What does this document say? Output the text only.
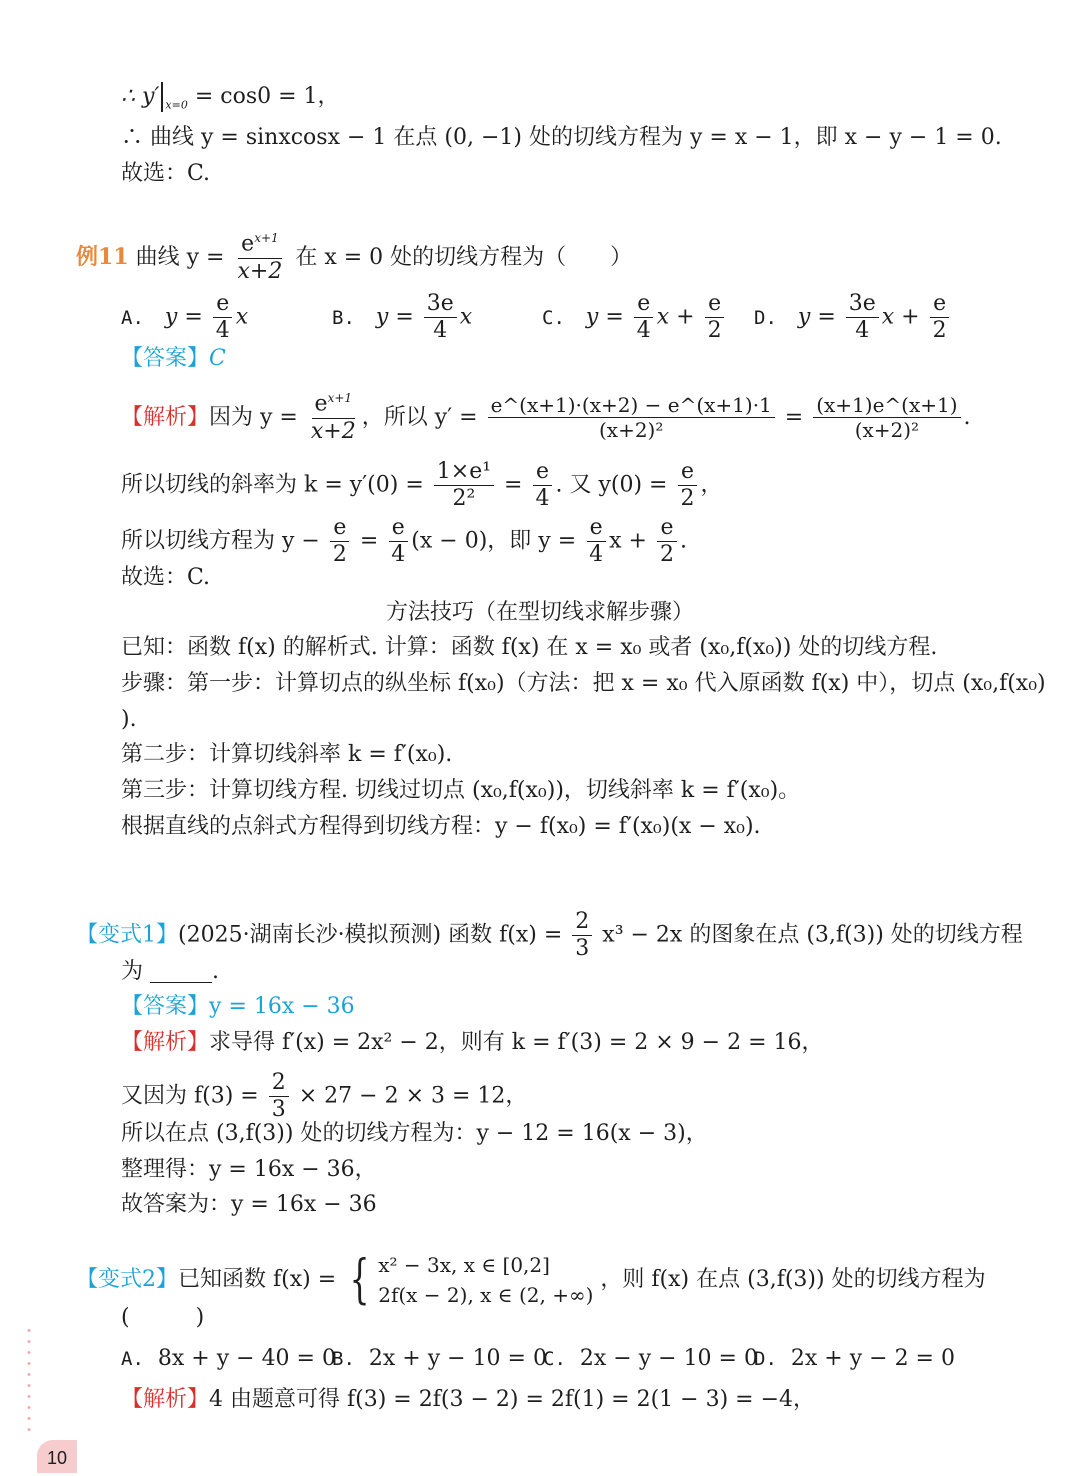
∴ y′ $_{x=0}$ = cos0 = 1，
∴ 曲线 y = sinxcosx − 1 在点 (0, −1) 处的切线方程为 y = x − 1，即 x − y − 1 = 0.
故选：C.
例11 曲线 $y = \frac{e^{x+1}}{x+2}$ 在 x = 0 处的切线方程为（　　）
A. $y = \frac{e}{4}$ x	B. $y = \frac{3e}{4}$ x	C. $y = \frac{e}{4}$ $x + \frac{e}{2} D$. $y = \frac{3e}{4}$ $x + \frac{e}{2}$
【答案】C
【解析】因为 $y = \frac{e^{x+1}}{x+2}$ ，所以 $y' = \frac{e\^{}(x+1)\cdot(x+2) - e\^{}(x+1)\cdot 1}{\text{(x+2)²}} = \frac{(x+1)e\^{}(x+1)}{\text{(x+2)²}}$ .
所以切线的斜率为 $k = y'(0) = \frac{\text{1×e¹}}{\text{2²}} = \frac{e}{4}$ . 又 $y(0) = \frac{e}{2}$ ，
所以切线方程为 $y - \frac{e}{2} = \frac{e}{4} (x - 0)$，即 $y = \frac{e}{4}$ $x + \frac{e}{2}$ .
故选：C.
方法技巧（在型切线求解步骤）
已知：函数 f(x) 的解析式. 计算：函数 f(x) 在 x = x₀ 或者 (x₀,f(x₀)) 处的切线方程.
步骤：第一步：计算切点的纵坐标 f(x₀)（方法：把 x = x₀ 代入原函数 f(x) 中），切点 (x₀,f(x₀)
).
第二步：计算切线斜率 k = f′(x₀).
第三步：计算切线方程. 切线过切点 (x₀,f(x₀))，切线斜率 k = f′(x₀)。
根据直线的点斜式方程得到切线方程：y − f(x₀) = f′(x₀)(x − x₀).
【变式1】(2025·湖南长沙·模拟预测) 函数 $f(x) = \frac{2}{3} x^3 - 2x$ 的图象在点 (3,f(3)) 处的切线方程
为	.
【答案】y = 16x − 36
【解析】求导得 f′(x) = 2x² − 2，则有 k = f′(3) = 2 × 9 − 2 = 16，
又因为 $f(3) = \frac{2}{3} \times 27 - 2 \times 3 = 12$，
所以在点 (3,f(3)) 处的切线方程为：y − 12 = 16(x − 3)，
整理得：y = 16x − 36，
故答案为：y = 16x − 36
【变式2】已知函数 f(x) = { x² − 3x, x ∈ [0,2]
2f(x − 2), x ∈ (2, +∞)
，则 f(x) 在点 (3,f(3)) 处的切线方程为
(　　　)
A. 8x + y − 40 = 0
B. 2x + y − 10 = 0
C. 2x − y − 10 = 0
D. 2x + y − 2 = 0
【解析】4 由题意可得 f(3) = 2f(3 − 2) = 2f(1) = 2(1 − 3) = −4，
10
